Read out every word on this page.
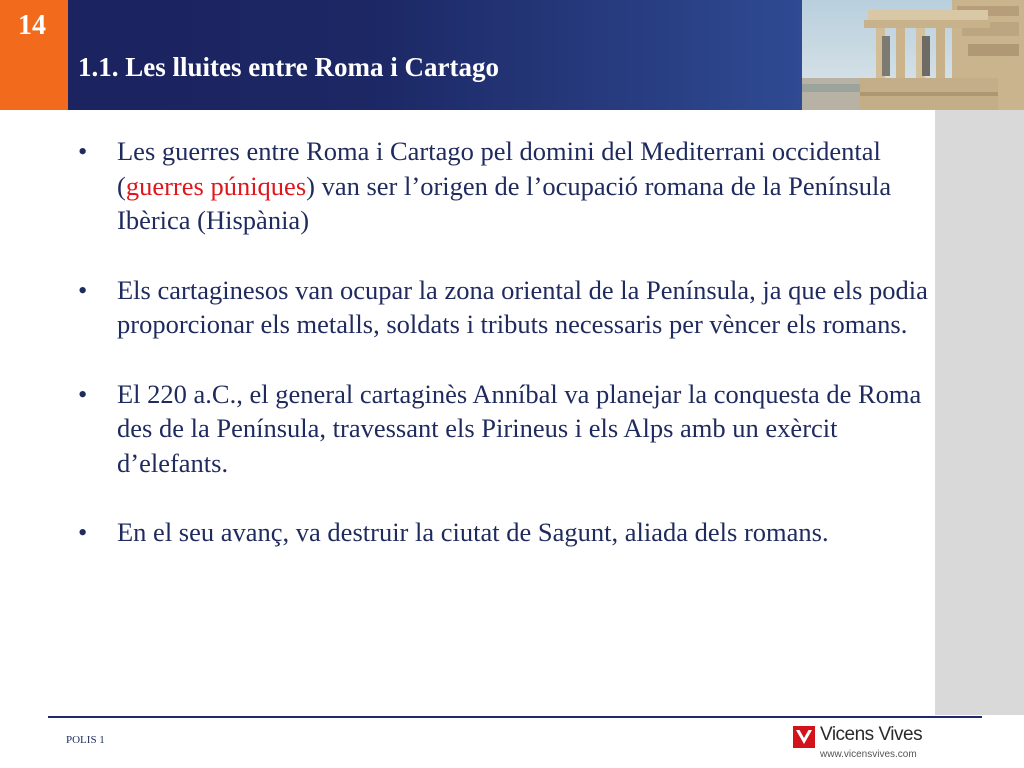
14
1.1. Les lluites entre Roma i Cartago
• Les guerres entre Roma i Cartago pel domini del Mediterrani occidental (guerres púniques) van ser l’origen de l’ocupació romana de la Península Ibèrica (Hispània)
• Els cartaginesos van ocupar la zona oriental de la Península, ja que els podia proporcionar els metalls, soldats i tributs necessaris per vèncer els romans.
• El 220 a.C., el general cartaginès Anníbal va planejar la conquesta de Roma des de la Península, travessant els Pirineus i els Alps amb un exèrcit d’elefants.
• En el seu avanç, va destruir la ciutat de Sagunt, aliada dels romans.
POLIS 1	Vicens Vives
www.vicensvives.com
